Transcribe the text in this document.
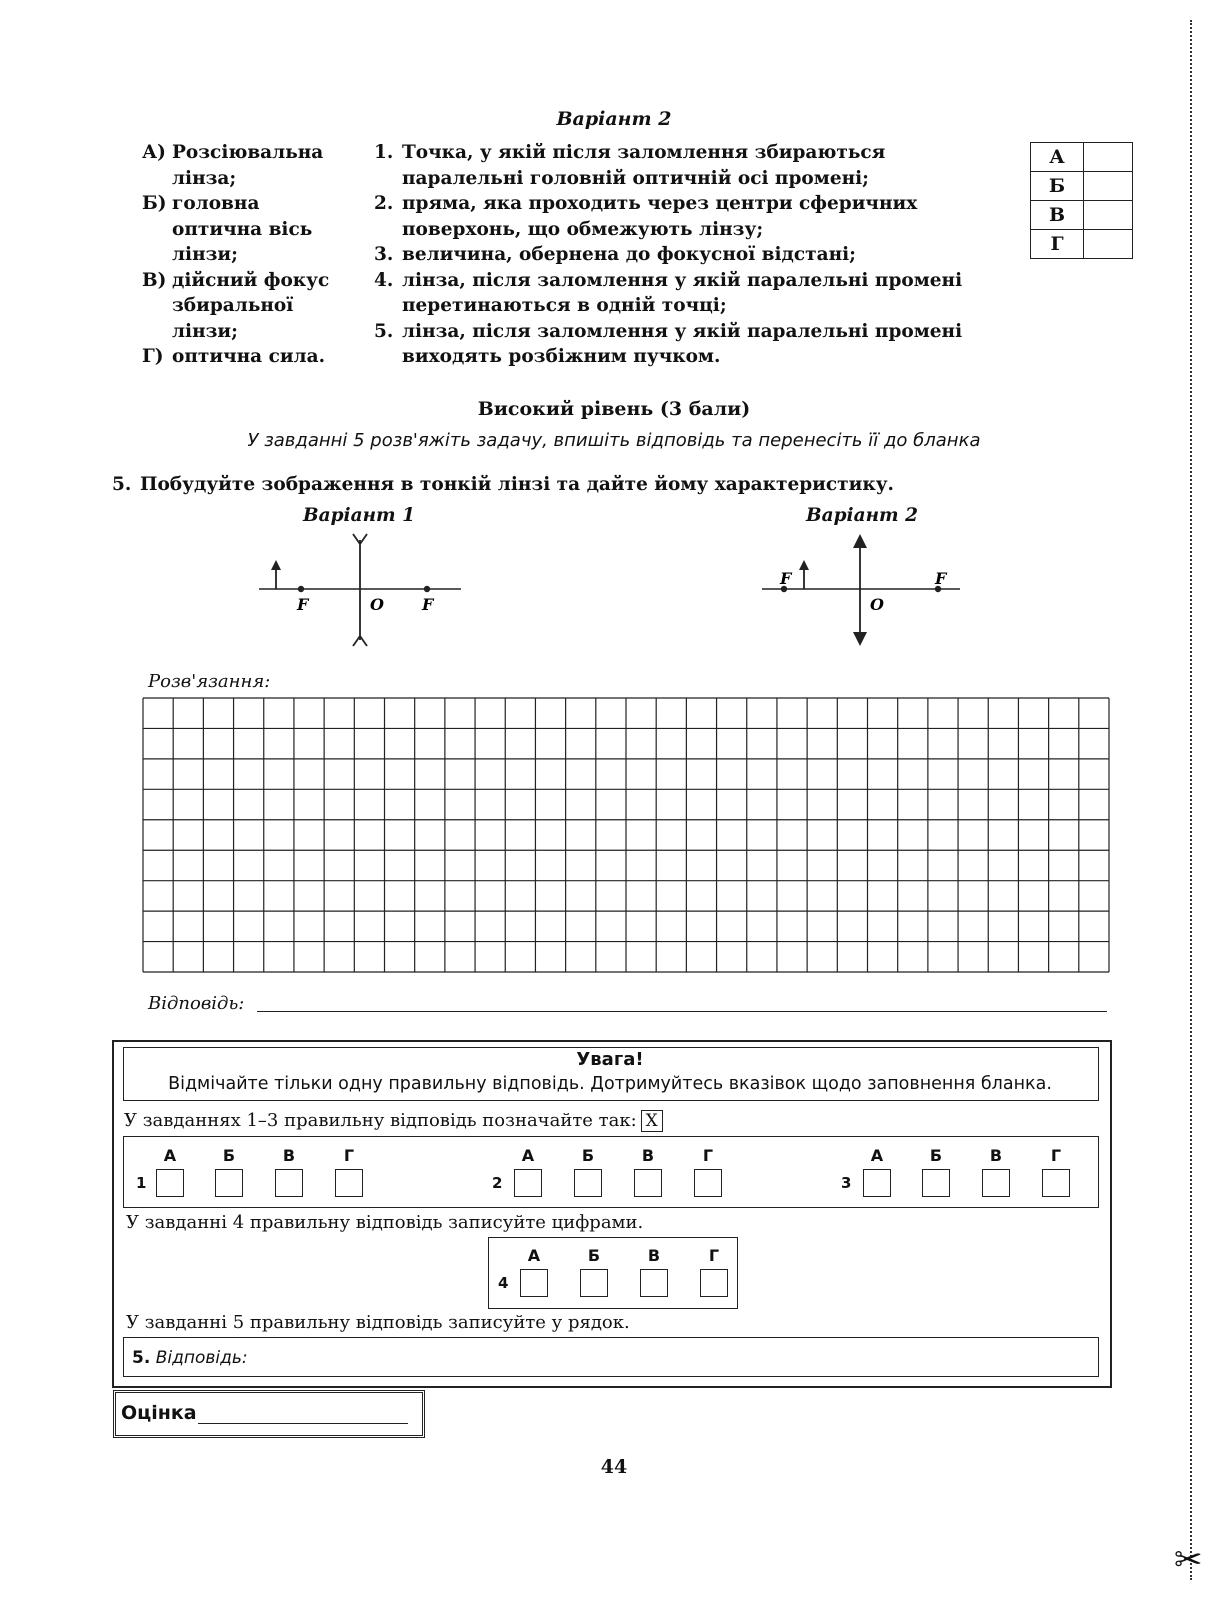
✂
Варіант 2
А) Розсіювальна лінза;
Б) головна оптична вісь лінзи;
В) дійсний фокус збиральної лінзи;
Г) оптична сила.
1. Точка, у якій після заломлення збираються паралельні головній оптичній осі промені;
2. пряма, яка проходить через центри сферичних поверхонь, що обмежують лінзу;
3. величина, обернена до фокусної відстані;
4. лінза, після заломлення у якій паралельні промені перетинаються в одній точці;
5. лінза, після заломлення у якій паралельні промені виходять розбіжним пучком.
А	
Б	
В	
Г	
Високий рівень (3 бали)
У завданні 5 розв'яжіть задачу, впишіть відповідь та перенесіть її до бланка
5. Побудуйте зображення в тонкій лінзі та дайте йому характеристику.
Варіант 1	Варіант 2
F	O F
F
O
F
Розв'язання:
Відповідь:
Увага!
Відмічайте тільки одну правильну відповідь. Дотримуйтесь вказівок щодо заповнення бланка.
У завданнях 1–3 правильну відповідь позначайте так: X
А	Б	В	Г
1
А	Б	В	Г
2
А	Б	В	Г
3
У завданні 4 правильну відповідь записуйте цифрами.
А	Б	В	Г
4
У завданні 5 правильну відповідь записуйте у рядок.
5. Відповідь:
Оцінка
44
